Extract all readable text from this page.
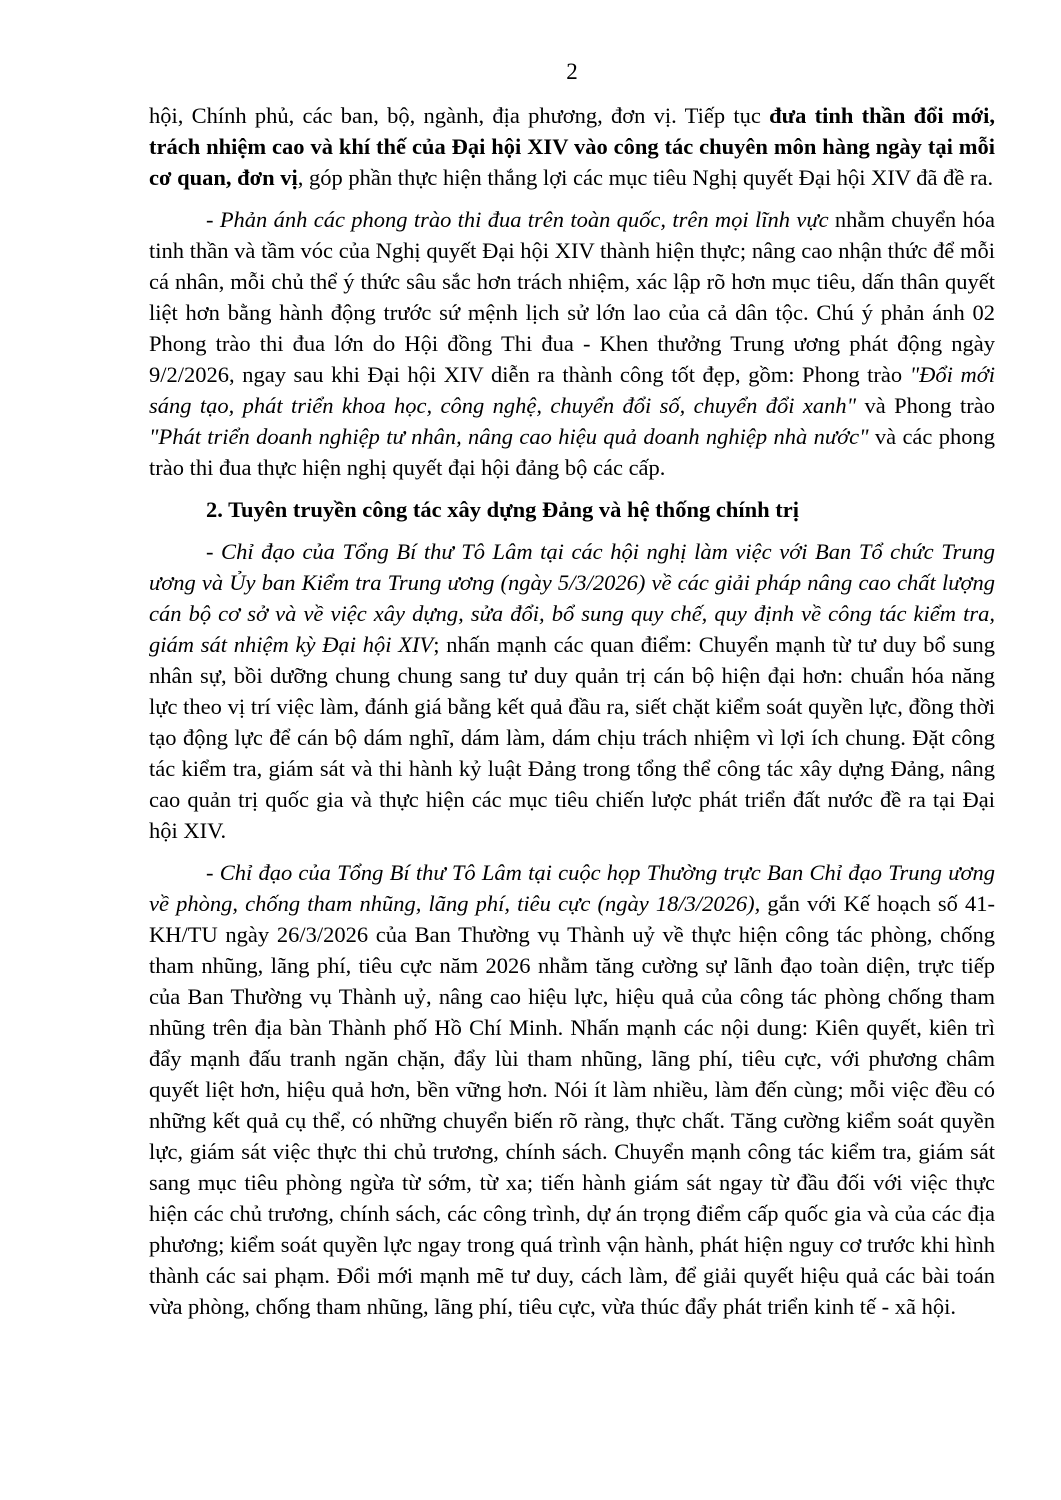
2

hội, Chính phủ, các ban, bộ, ngành, địa phương, đơn vị. Tiếp tục đưa tinh thần đổi mới, trách nhiệm cao và khí thế của Đại hội XIV vào công tác chuyên môn hàng ngày tại mỗi cơ quan, đơn vị, góp phần thực hiện thắng lợi các mục tiêu Nghị quyết Đại hội XIV đã đề ra.

- Phản ánh các phong trào thi đua trên toàn quốc, trên mọi lĩnh vực nhằm chuyển hóa tinh thần và tầm vóc của Nghị quyết Đại hội XIV thành hiện thực; nâng cao nhận thức để mỗi cá nhân, mỗi chủ thể ý thức sâu sắc hơn trách nhiệm, xác lập rõ hơn mục tiêu, dấn thân quyết liệt hơn bằng hành động trước sứ mệnh lịch sử lớn lao của cả dân tộc. Chú ý phản ánh 02 Phong trào thi đua lớn do Hội đồng Thi đua - Khen thưởng Trung ương phát động ngày 9/2/2026, ngay sau khi Đại hội XIV diễn ra thành công tốt đẹp, gồm: Phong trào "Đổi mới sáng tạo, phát triển khoa học, công nghệ, chuyển đổi số, chuyển đổi xanh" và Phong trào "Phát triển doanh nghiệp tư nhân, nâng cao hiệu quả doanh nghiệp nhà nước" và các phong trào thi đua thực hiện nghị quyết đại hội đảng bộ các cấp.

2. Tuyên truyền công tác xây dựng Đảng và hệ thống chính trị

- Chỉ đạo của Tổng Bí thư Tô Lâm tại các hội nghị làm việc với Ban Tổ chức Trung ương và Ủy ban Kiểm tra Trung ương (ngày 5/3/2026) về các giải pháp nâng cao chất lượng cán bộ cơ sở và về việc xây dựng, sửa đổi, bổ sung quy chế, quy định về công tác kiểm tra, giám sát nhiệm kỳ Đại hội XIV; nhấn mạnh các quan điểm: Chuyển mạnh từ tư duy bổ sung nhân sự, bồi dưỡng chung chung sang tư duy quản trị cán bộ hiện đại hơn: chuẩn hóa năng lực theo vị trí việc làm, đánh giá bằng kết quả đầu ra, siết chặt kiểm soát quyền lực, đồng thời tạo động lực để cán bộ dám nghĩ, dám làm, dám chịu trách nhiệm vì lợi ích chung. Đặt công tác kiểm tra, giám sát và thi hành kỷ luật Đảng trong tổng thể công tác xây dựng Đảng, nâng cao quản trị quốc gia và thực hiện các mục tiêu chiến lược phát triển đất nước đề ra tại Đại hội XIV.

- Chỉ đạo của Tổng Bí thư Tô Lâm tại cuộc họp Thường trực Ban Chỉ đạo Trung ương về phòng, chống tham nhũng, lãng phí, tiêu cực (ngày 18/3/2026), gắn với Kế hoạch số 41-KH/TU ngày 26/3/2026 của Ban Thường vụ Thành uỷ về thực hiện công tác phòng, chống tham nhũng, lãng phí, tiêu cực năm 2026 nhằm tăng cường sự lãnh đạo toàn diện, trực tiếp của Ban Thường vụ Thành uỷ, nâng cao hiệu lực, hiệu quả của công tác phòng chống tham nhũng trên địa bàn Thành phố Hồ Chí Minh. Nhấn mạnh các nội dung: Kiên quyết, kiên trì đẩy mạnh đấu tranh ngăn chặn, đẩy lùi tham nhũng, lãng phí, tiêu cực, với phương châm quyết liệt hơn, hiệu quả hơn, bền vững hơn. Nói ít làm nhiều, làm đến cùng; mỗi việc đều có những kết quả cụ thể, có những chuyển biến rõ ràng, thực chất. Tăng cường kiểm soát quyền lực, giám sát việc thực thi chủ trương, chính sách. Chuyển mạnh công tác kiểm tra, giám sát sang mục tiêu phòng ngừa từ sớm, từ xa; tiến hành giám sát ngay từ đầu đối với việc thực hiện các chủ trương, chính sách, các công trình, dự án trọng điểm cấp quốc gia và của các địa phương; kiểm soát quyền lực ngay trong quá trình vận hành, phát hiện nguy cơ trước khi hình thành các sai phạm. Đổi mới mạnh mẽ tư duy, cách làm, để giải quyết hiệu quả các bài toán vừa phòng, chống tham nhũng, lãng phí, tiêu cực, vừa thúc đẩy phát triển kinh tế - xã hội.
